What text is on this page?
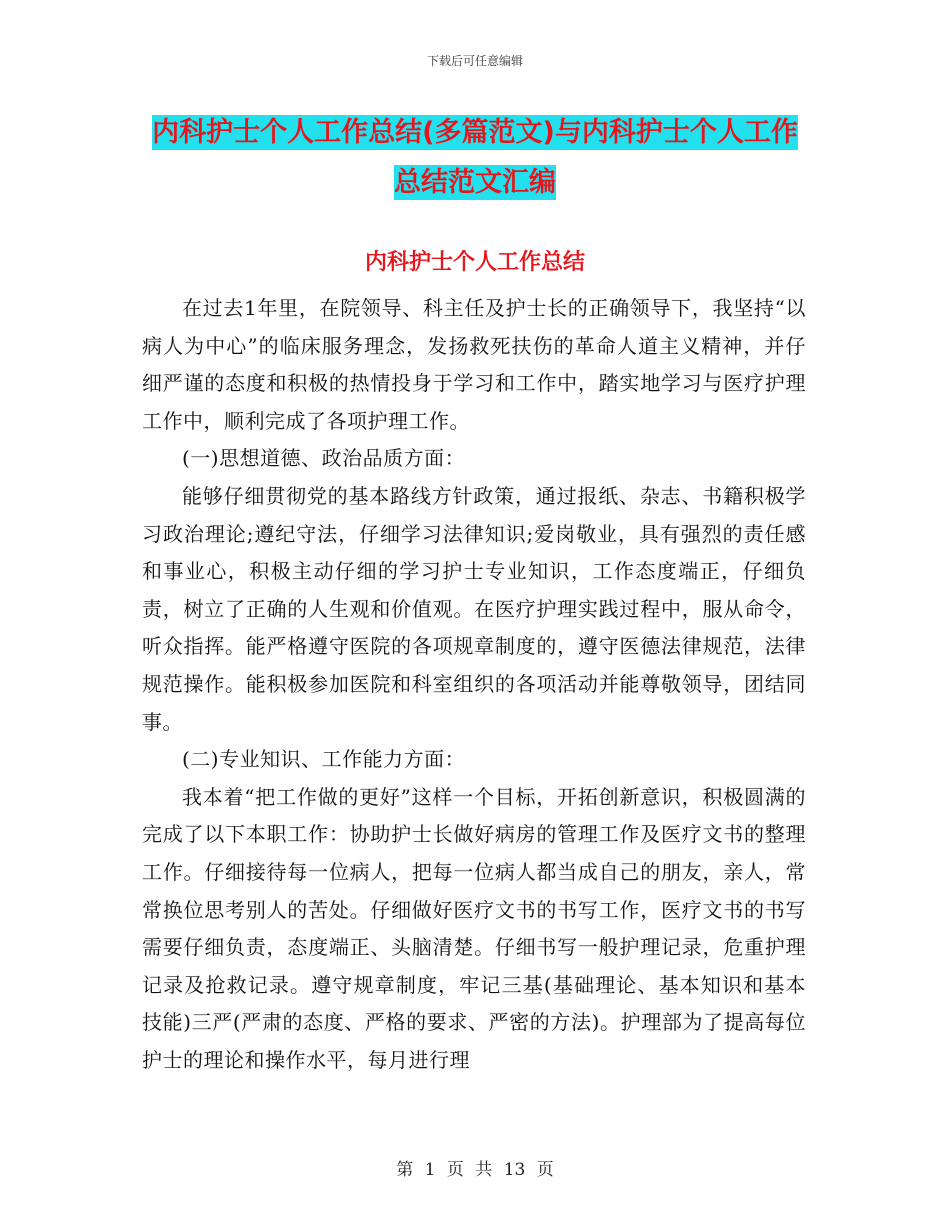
下载后可任意编辑
内科护士个人工作总结(多篇范文)与内科护士个人工作总结范文汇编
内科护士个人工作总结

在过去1年里，在院领导、科主任及护士长的正确领导下，我坚持“以病人为中心”的临床服务理念，发扬救死扶伤的革命人道主义精神，并仔细严谨的态度和积极的热情投身于学习和工作中，踏实地学习与医疗护理工作中，顺利完成了各项护理工作。

(一)思想道德、政治品质方面：

能够仔细贯彻党的基本路线方针政策，通过报纸、杂志、书籍积极学习政治理论;遵纪守法，仔细学习法律知识;爱岗敬业，具有强烈的责任感和事业心，积极主动仔细的学习护士专业知识，工作态度端正，仔细负责，树立了正确的人生观和价值观。在医疗护理实践过程中，服从命令，听众指挥。能严格遵守医院的各项规章制度的，遵守医德法律规范，法律规范操作。能积极参加医院和科室组织的各项活动并能尊敬领导，团结同事。

(二)专业知识、工作能力方面：

我本着“把工作做的更好”这样一个目标，开拓创新意识，积极圆满的完成了以下本职工作：协助护士长做好病房的管理工作及医疗文书的整理工作。仔细接待每一位病人，把每一位病人都当成自己的朋友，亲人，常常换位思考别人的苦处。仔细做好医疗文书的书写工作，医疗文书的书写需要仔细负责，态度端正、头脑清楚。仔细书写一般护理记录，危重护理记录及抢救记录。遵守规章制度，牢记三基(基础理论、基本知识和基本技能)三严(严肃的态度、严格的要求、严密的方法)。护理部为了提高每位护士的理论和操作水平，每月进行理

第 1 页 共 13 页
